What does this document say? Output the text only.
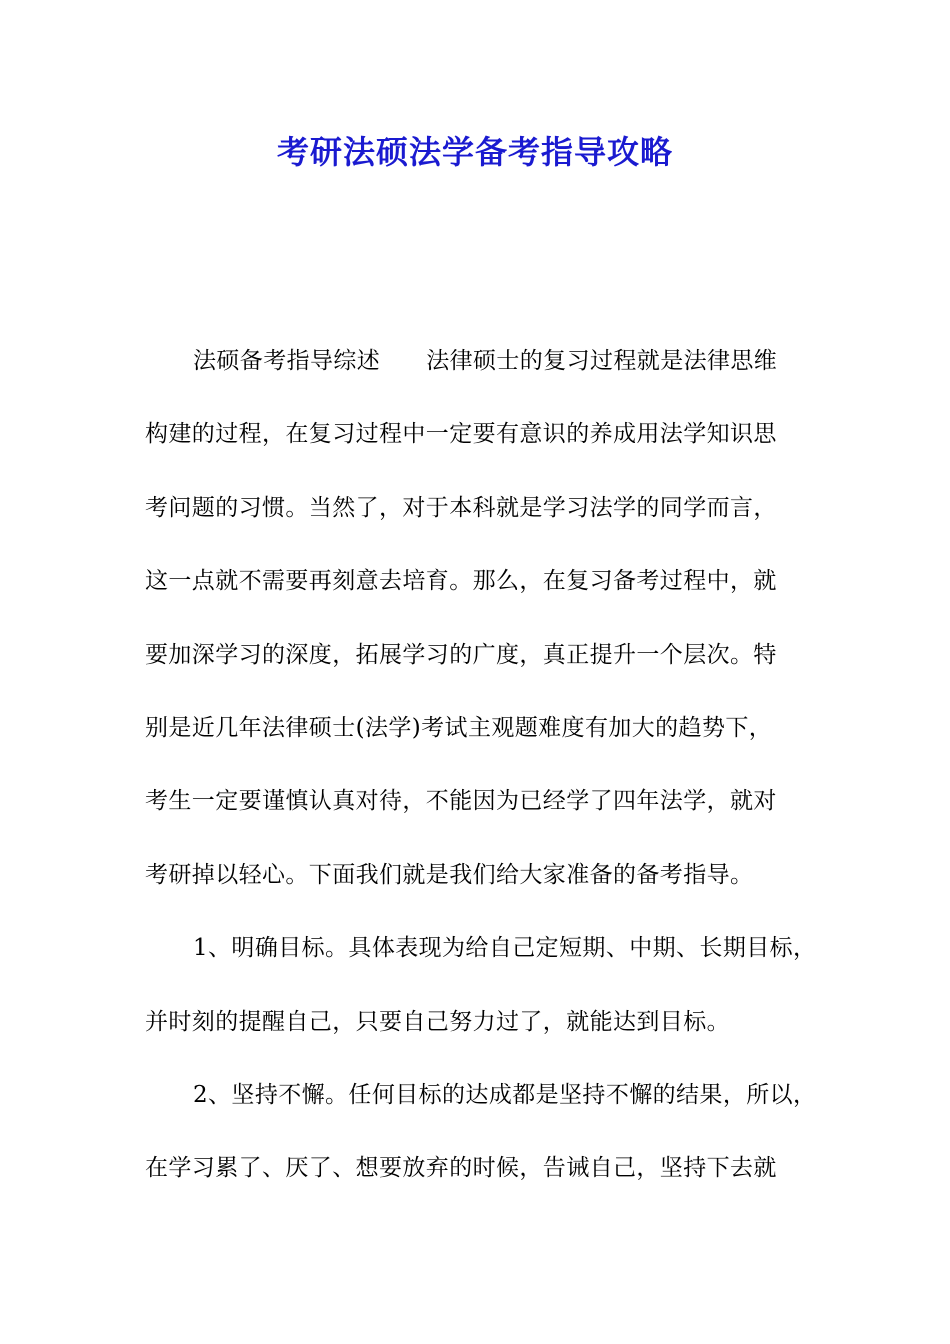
考研法硕法学备考指导攻略
法硕备考指导综述 法律硕士的复习过程就是法律思维
构建的过程，在复习过程中一定要有意识的养成用法学知识思
考问题的习惯。当然了，对于本科就是学习法学的同学而言，
这一点就不需要再刻意去培育。那么，在复习备考过程中，就
要加深学习的深度，拓展学习的广度，真正提升一个层次。特
别是近几年法律硕士(法学)考试主观题难度有加大的趋势下，
考生一定要谨慎认真对待，不能因为已经学了四年法学，就对
考研掉以轻心。下面我们就是我们给大家准备的备考指导。
1、明确目标。具体表现为给自己定短期、中期、长期目标，
并时刻的提醒自己，只要自己努力过了，就能达到目标。
2、坚持不懈。任何目标的达成都是坚持不懈的结果，所以，
在学习累了、厌了、想要放弃的时候，告诫自己，坚持下去就
